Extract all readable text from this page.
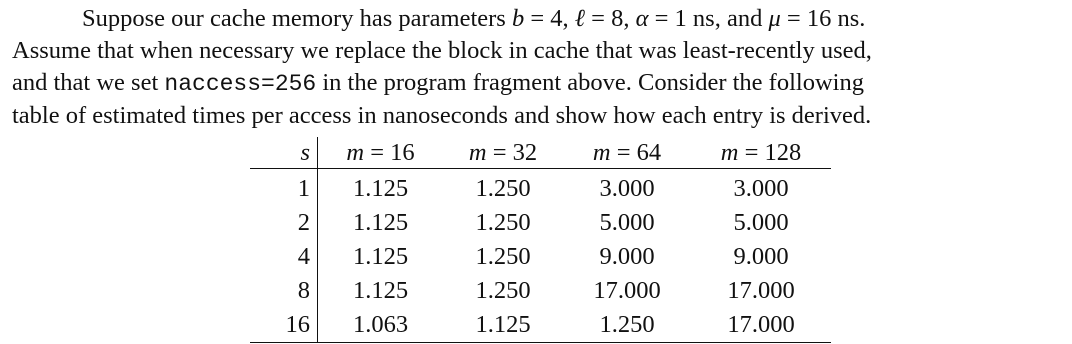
Suppose our cache memory has parameters b = 4, ℓ = 8, α = 1 ns, and μ = 16 ns.
Assume that when necessary we replace the block in cache that was least-recently used,
and that we set naccess=256 in the program fragment above. Consider the following
table of estimated times per access in nanoseconds and show how each entry is derived.
s	m = 16	m = 32	m = 64	m = 128
1	1.125	1.250	3.000	3.000
2	1.125	1.250	5.000	5.000
4	1.125	1.250	9.000	9.000
8	1.125	1.250	17.000	17.000
16	1.063	1.125	1.250	17.000
